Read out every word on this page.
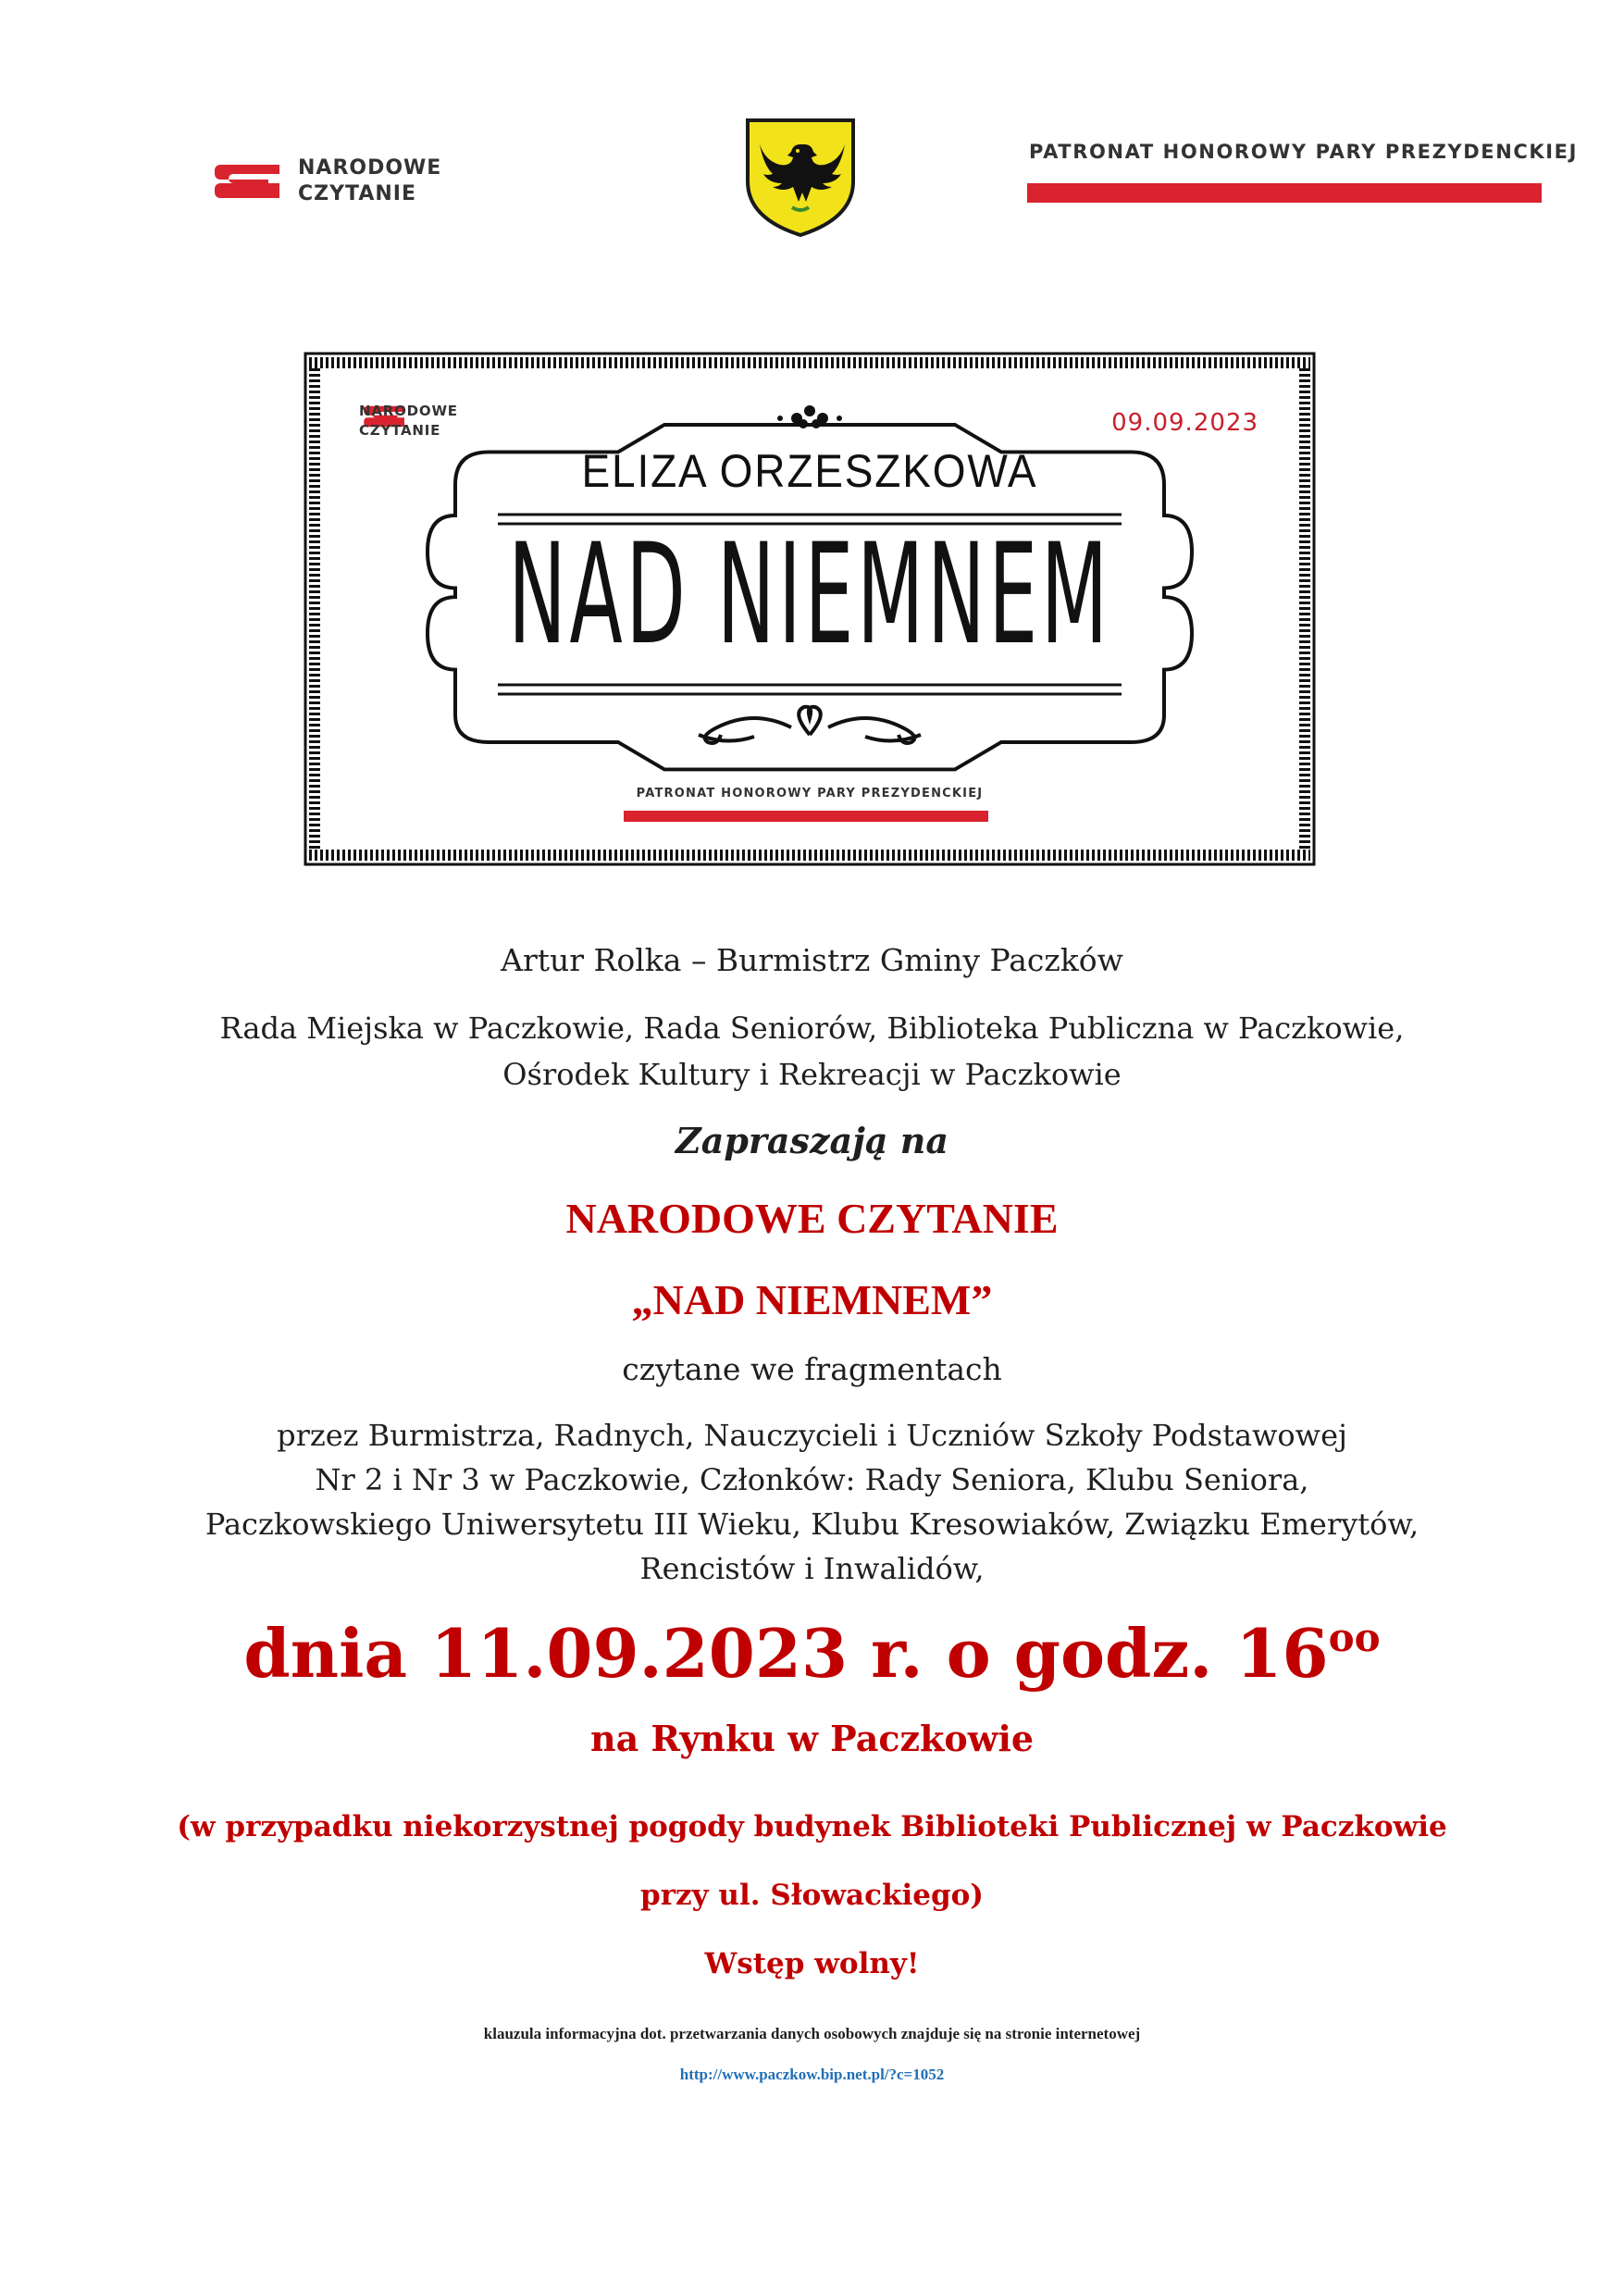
NARODOWE
CZYTANIE
PATRONAT HONOROWY PARY PREZYDENCKIEJ
NARODOWE
CZYTANIE	09.09.2023
ELIZA ORZESZKOWA
NAD NIEMNEM
PATRONAT HONOROWY PARY PREZYDENCKIEJ
Artur Rolka – Burmistrz Gminy Paczków
Rada Miejska w Paczkowie, Rada Seniorów, Biblioteka Publiczna w Paczkowie,
Ośrodek Kultury i Rekreacji w Paczkowie
Zapraszają na
NARODOWE CZYTANIE
„NAD NIEMNEM”
czytane we fragmentach
przez Burmistrza, Radnych, Nauczycieli i Uczniów Szkoły Podstawowej
Nr 2 i Nr 3 w Paczkowie, Członków: Rady Seniora, Klubu Seniora,
Paczkowskiego Uniwersytetu III Wieku, Klubu Kresowiaków, Związku Emerytów,
Rencistów i Inwalidów,
dnia 11.09.2023 r. o godz. $16^{oo}$
na Rynku w Paczkowie
(w przypadku niekorzystnej pogody budynek Biblioteki Publicznej w Paczkowie
przy ul. Słowackiego)
Wstęp wolny!
klauzula informacyjna dot. przetwarzania danych osobowych znajduje się na stronie internetowej
http://www.paczkow.bip.net.pl/?c=1052
